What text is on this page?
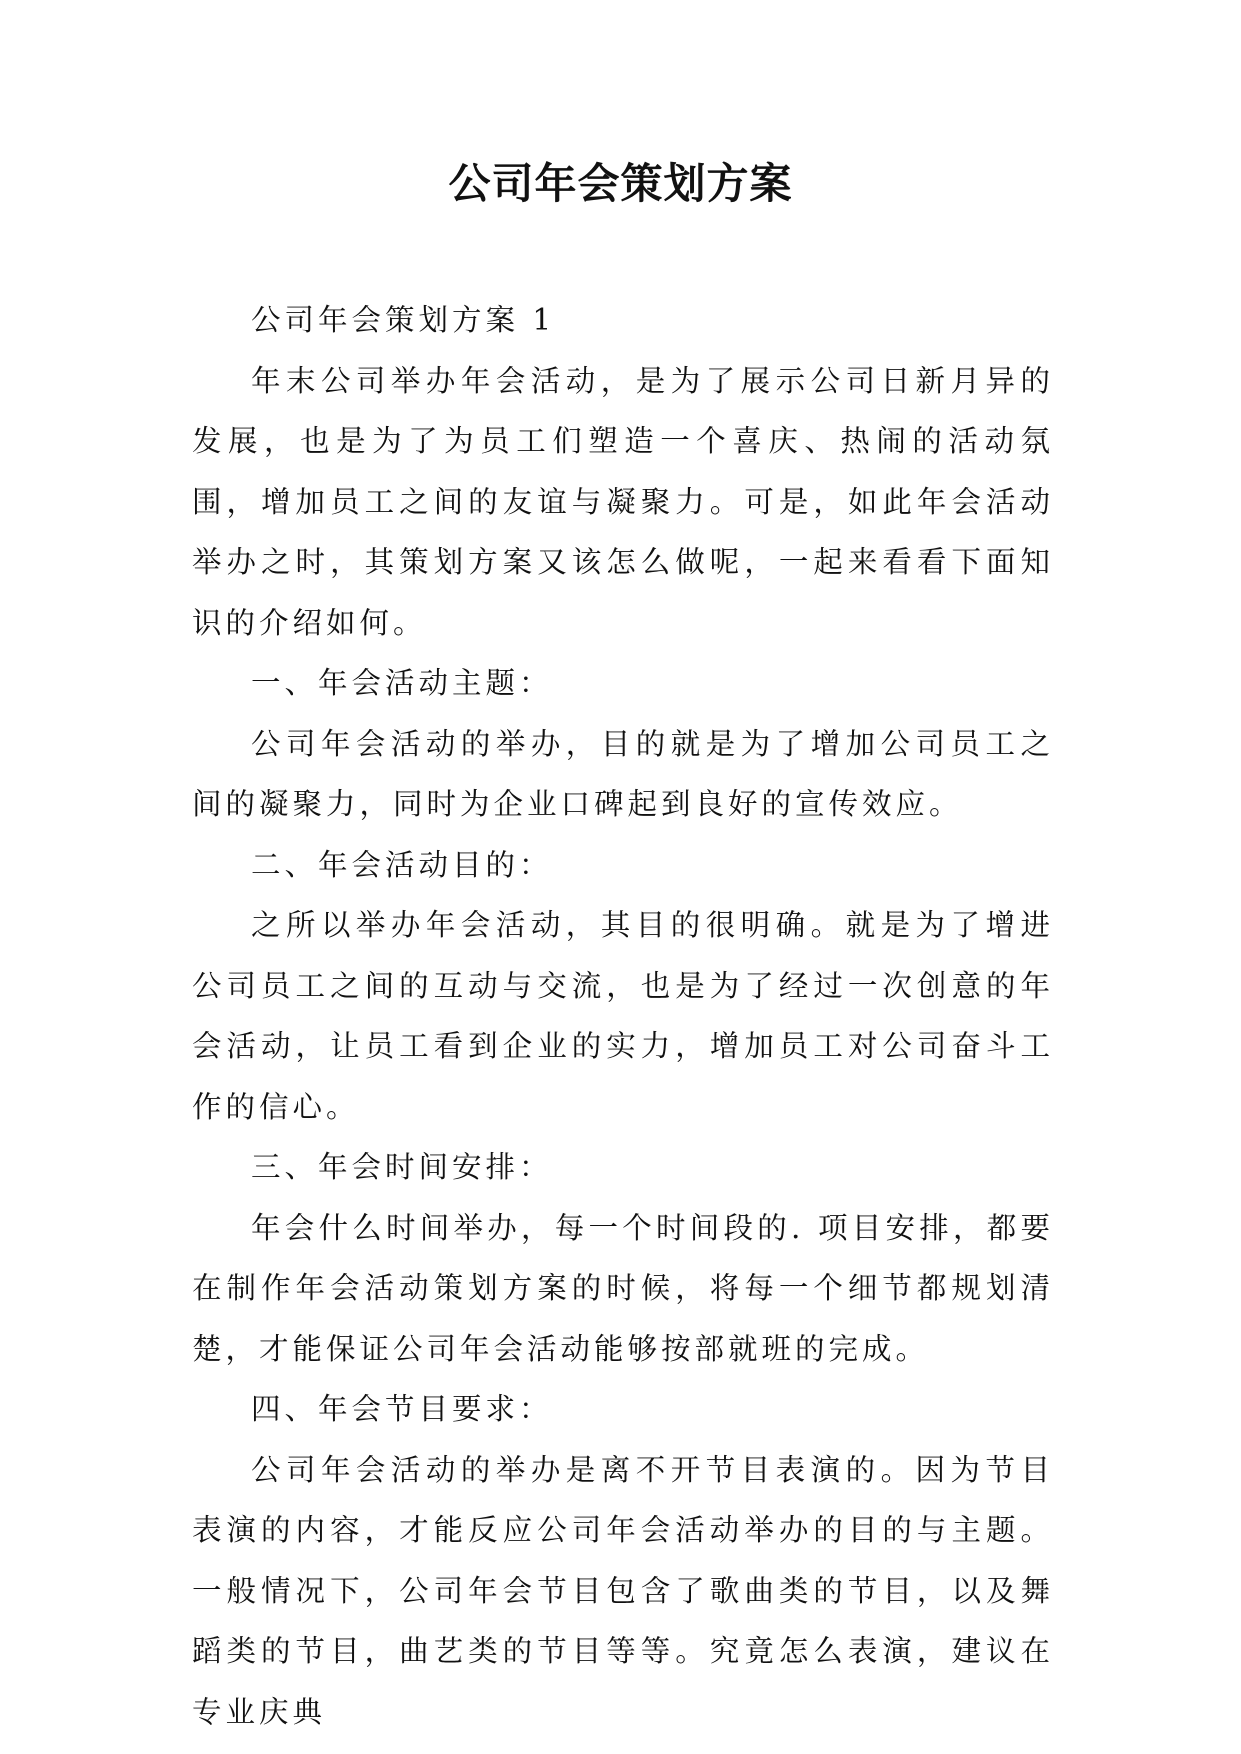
公司年会策划方案

公司年会策划方案 1

年末公司举办年会活动，是为了展示公司日新月异的发展，也是为了为员工们塑造一个喜庆、热闹的活动氛围，增加员工之间的友谊与凝聚力。可是，如此年会活动举办之时，其策划方案又该怎么做呢，一起来看看下面知识的介绍如何。

一、年会活动主题：

公司年会活动的举办，目的就是为了增加公司员工之间的凝聚力，同时为企业口碑起到良好的宣传效应。

二、年会活动目的：

之所以举办年会活动，其目的很明确。就是为了增进公司员工之间的互动与交流，也是为了经过一次创意的年会活动，让员工看到企业的实力，增加员工对公司奋斗工作的信心。

三、年会时间安排：

年会什么时间举办，每一个时间段的. 项目安排，都要在制作年会活动策划方案的时候，将每一个细节都规划清楚，才能保证公司年会活动能够按部就班的完成。

四、年会节目要求：

公司年会活动的举办是离不开节目表演的。因为节目表演的内容，才能反应公司年会活动举办的目的与主题。一般情况下，公司年会节目包含了歌曲类的节目，以及舞蹈类的节目，曲艺类的节目等等。究竟怎么表演，建议在专业庆典
